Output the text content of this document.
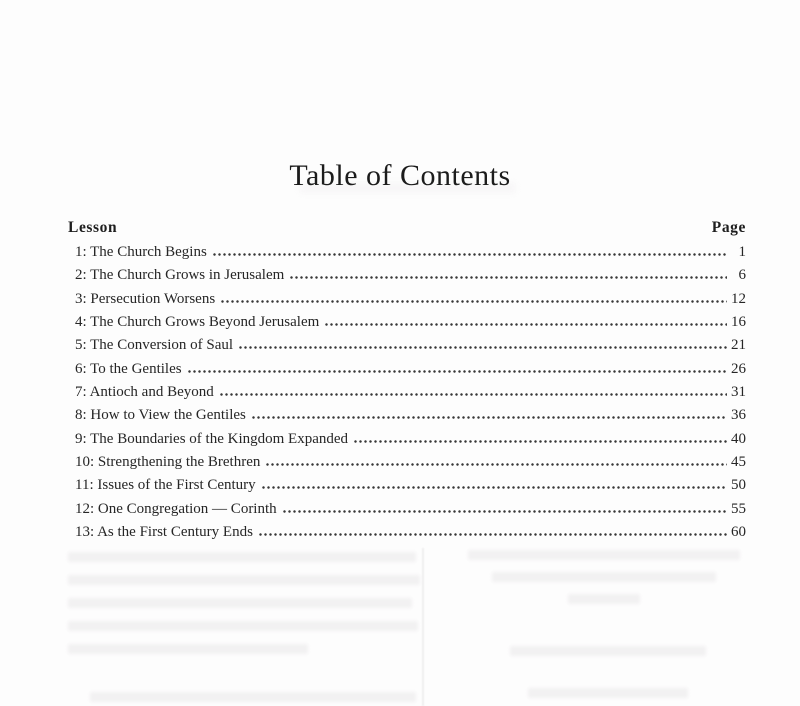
Table of Contents
Lesson	Page
1: The Church Begins	1
2: The Church Grows in Jerusalem	6
3: Persecution Worsens	12
4: The Church Grows Beyond Jerusalem	16
5: The Conversion of Saul	21
6: To the Gentiles	26
7: Antioch and Beyond	31
8: How to View the Gentiles	36
9: The Boundaries of the Kingdom Expanded	40
10: Strengthening the Brethren	45
11: Issues of the First Century	50
12: One Congregation — Corinth	55
13: As the First Century Ends	60
